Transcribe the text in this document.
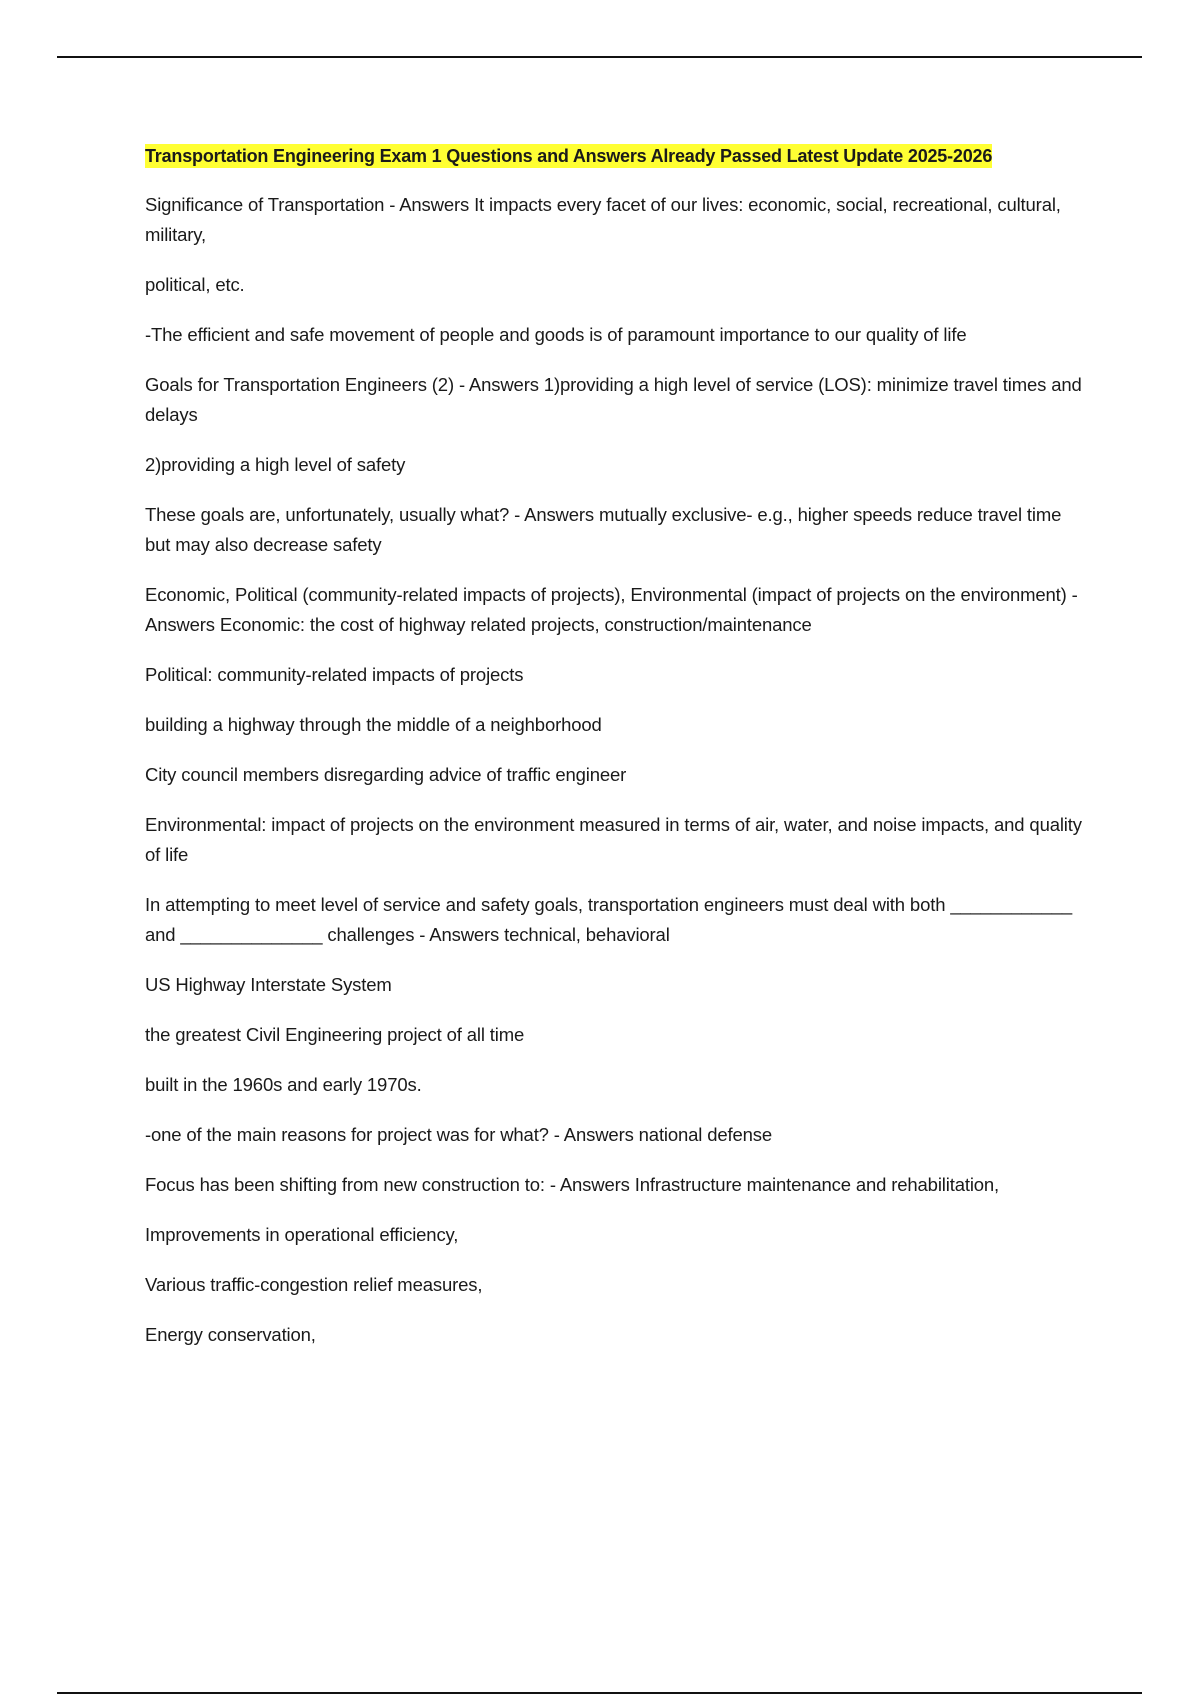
Transportation Engineering Exam 1 Questions and Answers Already Passed Latest Update 2025-2026

Significance of Transportation - Answers It impacts every facet of our lives: economic, social, recreational, cultural, military,

political, etc.

-The efficient and safe movement of people and goods is of paramount importance to our quality of life

Goals for Transportation Engineers (2) - Answers 1)providing a high level of service (LOS): minimize travel times and delays

2)providing a high level of safety

These goals are, unfortunately, usually what? - Answers mutually exclusive- e.g., higher speeds reduce travel time but may also decrease safety

Economic, Political (community-related impacts of projects), Environmental (impact of projects on the environment) - Answers Economic: the cost of highway related projects, construction/maintenance

Political: community-related impacts of projects

building a highway through the middle of a neighborhood

City council members disregarding advice of traffic engineer

Environmental: impact of projects on the environment measured in terms of air, water, and noise impacts, and quality of life

In attempting to meet level of service and safety goals, transportation engineers must deal with both ____________ and ______________ challenges - Answers technical, behavioral

US Highway Interstate System

the greatest Civil Engineering project of all time

built in the 1960s and early 1970s.

-one of the main reasons for project was for what? - Answers national defense

Focus has been shifting from new construction to: - Answers Infrastructure maintenance and rehabilitation,

Improvements in operational efficiency,

Various traffic-congestion relief measures,

Energy conservation,
